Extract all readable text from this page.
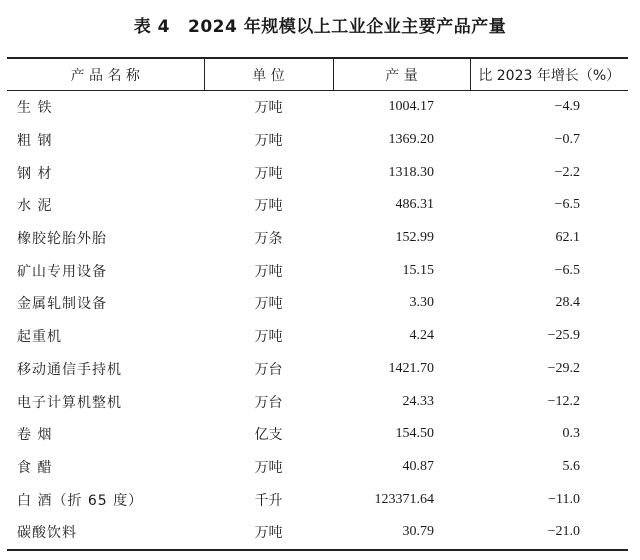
表 4 2024 年规模以上工业企业主要产品产量
产 品 名 称	单 位	产 量	比 2023 年增长（%）
生 铁	万吨	1004.17	−4.9
粗 钢	万吨	1369.20	−0.7
钢 材	万吨	1318.30	−2.2
水 泥	万吨	486.31	−6.5
橡胶轮胎外胎	万条	152.99	62.1
矿山专用设备	万吨	15.15	−6.5
金属轧制设备	万吨	3.30	28.4
起重机	万吨	4.24	−25.9
移动通信手持机	万台	1421.70	−29.2
电子计算机整机	万台	24.33	−12.2
卷 烟	亿支	154.50	0.3
食 醋	万吨	40.87	5.6
白 酒（折 65 度）	千升	123371.64	−11.0
碳酸饮料	万吨	30.79	−21.0
